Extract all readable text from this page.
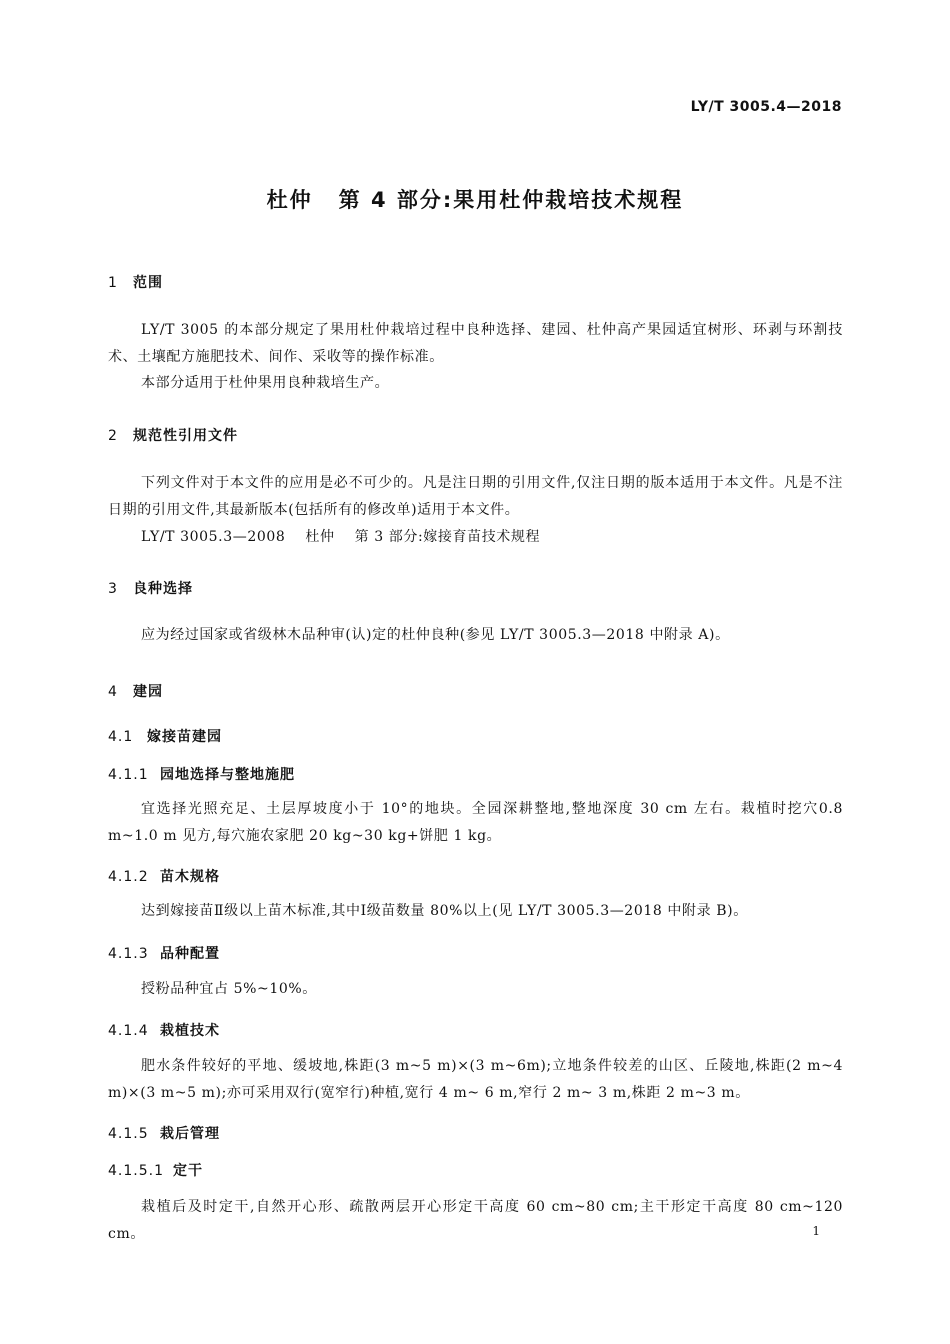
LY/T 3005.4—2018
杜仲 第 4 部分:果用杜仲栽培技术规程
1 范围
LY/T 3005 的本部分规定了果用杜仲栽培过程中良种选择、建园、杜仲高产果园适宜树形、环剥与环割技术、土壤配方施肥技术、间作、采收等的操作标准。
本部分适用于杜仲果用良种栽培生产。
2 规范性引用文件
下列文件对于本文件的应用是必不可少的。凡是注日期的引用文件,仅注日期的版本适用于本文件。凡是不注日期的引用文件,其最新版本(包括所有的修改单)适用于本文件。
LY/T 3005.3—2008 杜仲 第 3 部分:嫁接育苗技术规程
3 良种选择
应为经过国家或省级林木品种审(认)定的杜仲良种(参见 LY/T 3005.3—2018 中附录 A)。
4 建园
4.1 嫁接苗建园
4.1.1 园地选择与整地施肥
宜选择光照充足、土层厚坡度小于 10°的地块。全园深耕整地,整地深度 30 cm 左右。栽植时挖穴0.8 m~1.0 m 见方,每穴施农家肥 20 kg~30 kg+饼肥 1 kg。
4.1.2 苗木规格
达到嫁接苗Ⅱ级以上苗木标准,其中Ⅰ级苗数量 80%以上(见 LY/T 3005.3—2018 中附录 B)。
4.1.3 品种配置
授粉品种宜占 5%~10%。
4.1.4 栽植技术
肥水条件较好的平地、缓坡地,株距(3 m~5 m)×(3 m~6m);立地条件较差的山区、丘陵地,株距(2 m~4 m)×(3 m~5 m);亦可采用双行(宽窄行)种植,宽行 4 m~ 6 m,窄行 2 m~ 3 m,株距 2 m~3 m。
4.1.5 栽后管理
4.1.5.1 定干
栽植后及时定干,自然开心形、疏散两层开心形定干高度 60 cm~80 cm;主干形定干高度 80 cm~120 cm。	1
